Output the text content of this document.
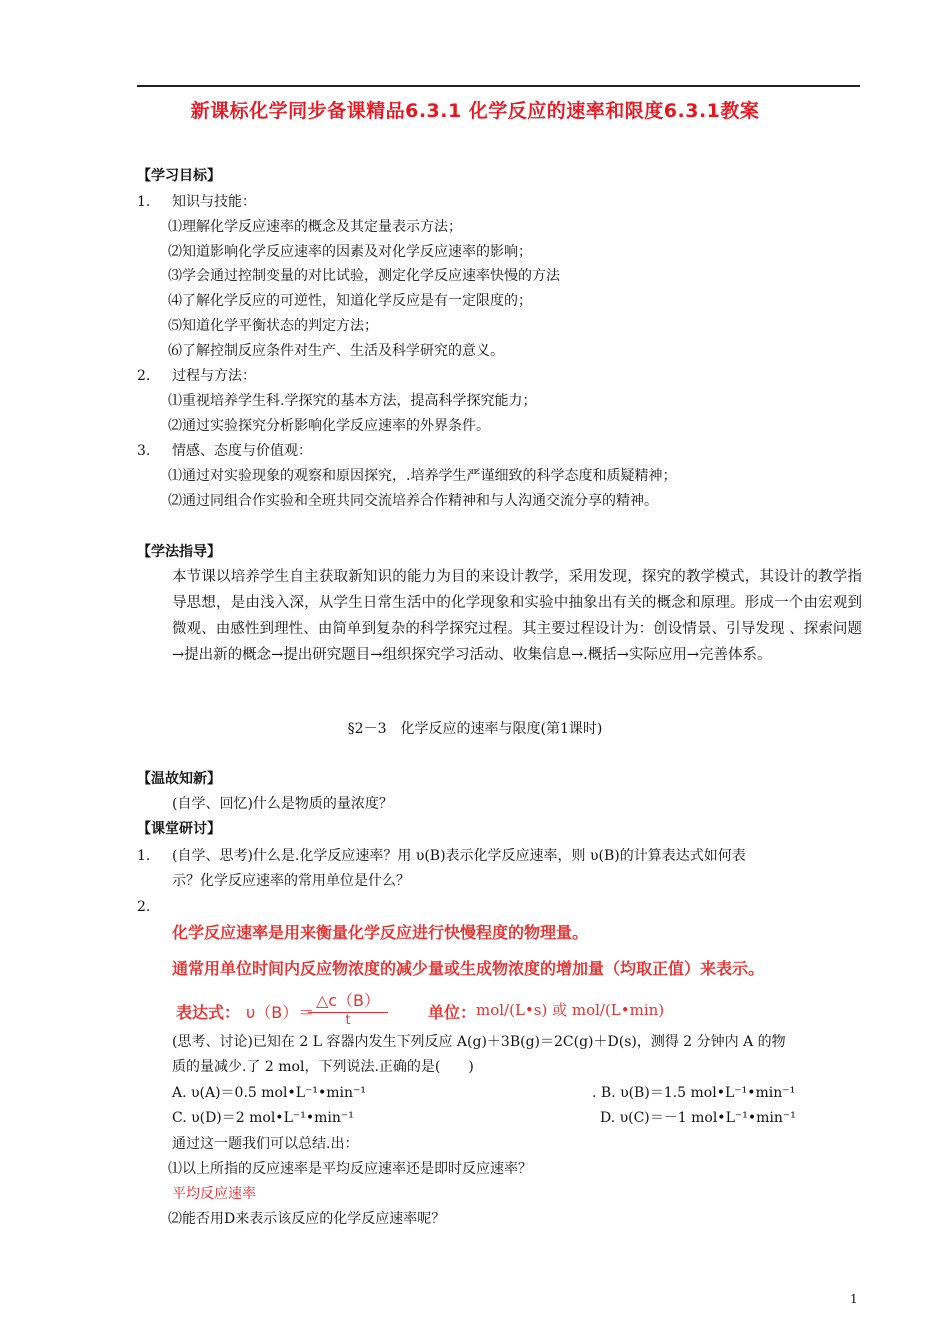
新课标化学同步备课精品6.3.1 化学反应的速率和限度6.3.1教案
【学习目标】
1. 知识与技能：
⑴理解化学反应速率的概念及其定量表示方法；
⑵知道影响化学反应速率的因素及对化学反应速率的影响；
⑶学会通过控制变量的对比试验，测定化学反应速率快慢的方法
⑷了解化学反应的可逆性，知道化学反应是有一定限度的；
⑸知道化学平衡状态的判定方法；
⑹了解控制反应条件对生产、生活及科学研究的意义。
2. 过程与方法：
⑴重视培养学生科.学探究的基本方法，提高科学探究能力；
⑵通过实验探究分析影响化学反应速率的外界条件。
3. 情感、态度与价值观：
⑴通过对实验现象的观察和原因探究，.培养学生严谨细致的科学态度和质疑精神；
⑵通过同组合作实验和全班共同交流培养合作精神和与人沟通交流分享的精神。
【学法指导】
本节课以培养学生自主获取新知识的能力为目的来设计教学，采用发现，探究的教学模式，其设计的教学指导思想，是由浅入深，从学生日常生活中的化学现象和实验中抽象出有关的概念和原理。形成一个由宏观到微观、由感性到理性、由简单到复杂的科学探究过程。其主要过程设计为：创设情景、引导发现 、探索问题→提出新的概念→提出研究题目→组织探究学习活动、收集信息→.概括→实际应用→完善体系。
§2－3　化学反应的速率与限度(第1课时)
【温故知新】
(自学、回忆)什么是物质的量浓度？
【课堂研讨】
1. (自学、思考)什么是.化学反应速率？用 υ(B)表示化学反应速率，则 υ(B)的计算表达式如何表
示？化学反应速率的常用单位是什么？
2.
化学反应速率是用来衡量化学反应进行快慢程度的物理量。
通常用单位时间内反应物浓度的减少量或生成物浓度的增加量（均取正值）来表示。
表达式： υ（B）＝
△c（B）
t	单位： mol/(L•s) 或 mol/(L•min)
(思考、讨论)已知在 2 L 容器内发生下列反应 A(g)＋3B(g)＝2C(g)＋D(s)，测得 2 分钟内 A 的物
质的量减少.了 2 mol，下列说法.正确的是(　　)
A. υ(A)＝0.5 mol•L⁻¹•min⁻¹	. B. υ(B)＝1.5 mol•L⁻¹•min⁻¹
C. υ(D)＝2 mol•L⁻¹•min⁻¹	D. υ(C)＝－1 mol•L⁻¹•min⁻¹
通过这一题我们可以总结.出：
⑴以上所指的反应速率是平均反应速率还是即时反应速率？
平均反应速率
⑵能否用D来表示该反应的化学反应速率呢？
1
